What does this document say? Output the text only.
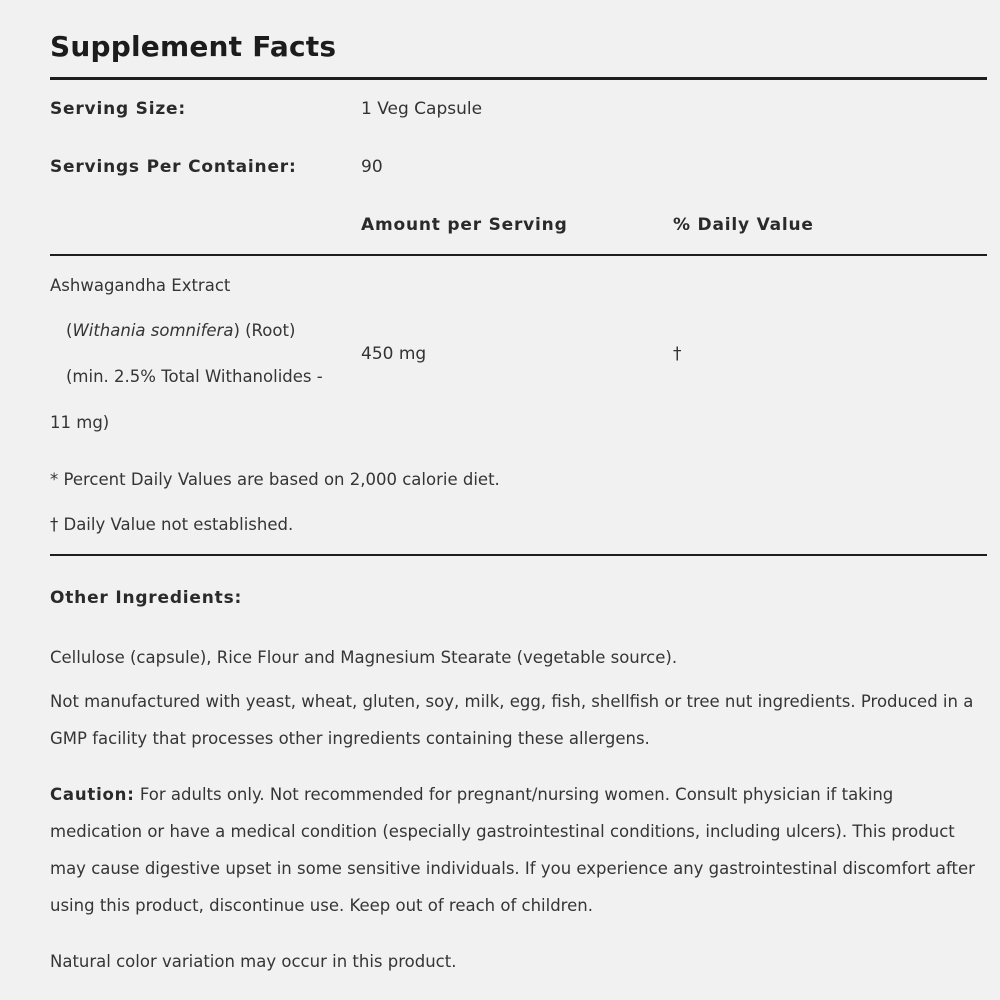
Supplement Facts
Serving Size:	1 Veg Capsule
Servings Per Container:	90
Amount per Serving	% Daily Value
Ashwagandha Extract
(Withania somnifera) (Root)
(min. 2.5% Total Withanolides -
11 mg)
450 mg	†
* Percent Daily Values are based on 2,000 calorie diet.
† Daily Value not established.
Other Ingredients:
Cellulose (capsule), Rice Flour and Magnesium Stearate (vegetable source).
Not manufactured with yeast, wheat, gluten, soy, milk, egg, fish, shellfish or tree nut ingredients. Produced in a GMP facility that processes other ingredients containing these allergens.
Caution: For adults only. Not recommended for pregnant/nursing women. Consult physician if taking medication or have a medical condition (especially gastrointestinal conditions, including ulcers). This product may cause digestive upset in some sensitive individuals. If you experience any gastrointestinal discomfort after using this product, discontinue use. Keep out of reach of children.
Natural color variation may occur in this product.
